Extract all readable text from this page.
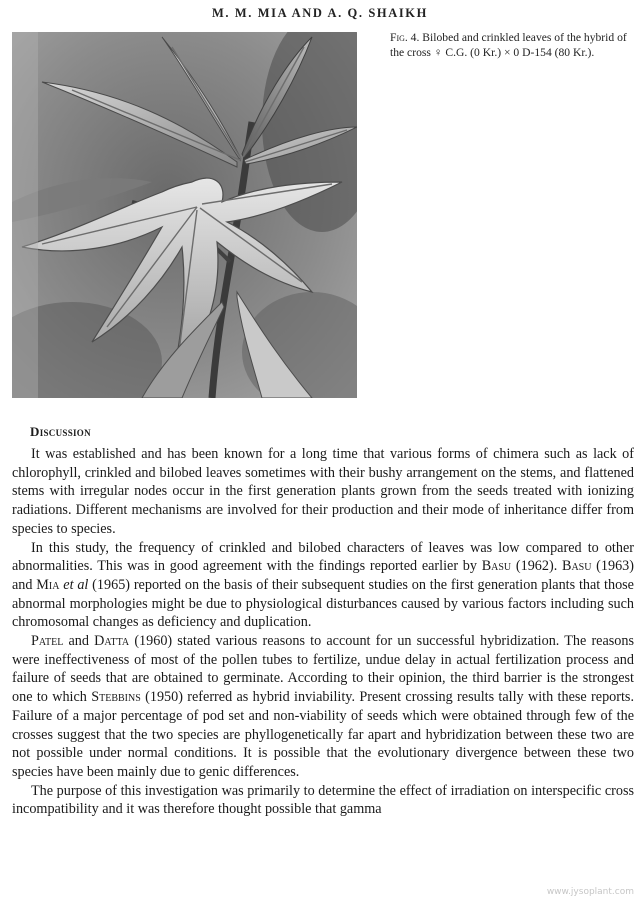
M. M. MIA AND A. Q. SHAIKH
Fig. 4. Bilobed and crinkled leaves of the hybrid of the cross ♀ C.G. (0 Kr.) × 0 D-154 (80 Kr.).
Discussion

It was established and has been known for a long time that various forms of chimera such as lack of chlorophyll, crinkled and bilobed leaves sometimes with their bushy arrangement on the stems, and flattened stems with irregular nodes occur in the first generation plants grown from the seeds treated with ionizing radiations. Different mechanisms are involved for their production and their mode of inheritance differ from species to species.

In this study, the frequency of crinkled and bilobed characters of leaves was low compared to other abnormalities. This was in good agreement with the findings reported earlier by Basu (1962). Basu (1963) and Mia et al (1965) reported on the basis of their subsequent studies on the first generation plants that those abnormal morphologies might be due to physiological disturbances caused by various factors including such chromosomal changes as deficiency and duplication.

Patel and Datta (1960) stated various reasons to account for un successful hybridization. The reasons were ineffectiveness of most of the pollen tubes to fertilize, undue delay in actual fertilization process and failure of seeds that are obtained to germinate. According to their opinion, the third barrier is the strongest one to which Stebbins (1950) referred as hybrid inviability. Present crossing results tally with these reports. Failure of a major percentage of pod set and non-viability of seeds which were obtained through few of the crosses suggest that the two species are phyllogenetically far apart and hybridization between these two are not possible under normal conditions. It is possible that the evolutionary divergence between these two species have been mainly due to genic differences.

The purpose of this investigation was primarily to determine the effect of irradiation on interspecific cross incompatibility and it was therefore thought possible that gamma

www.jysoplant.com
